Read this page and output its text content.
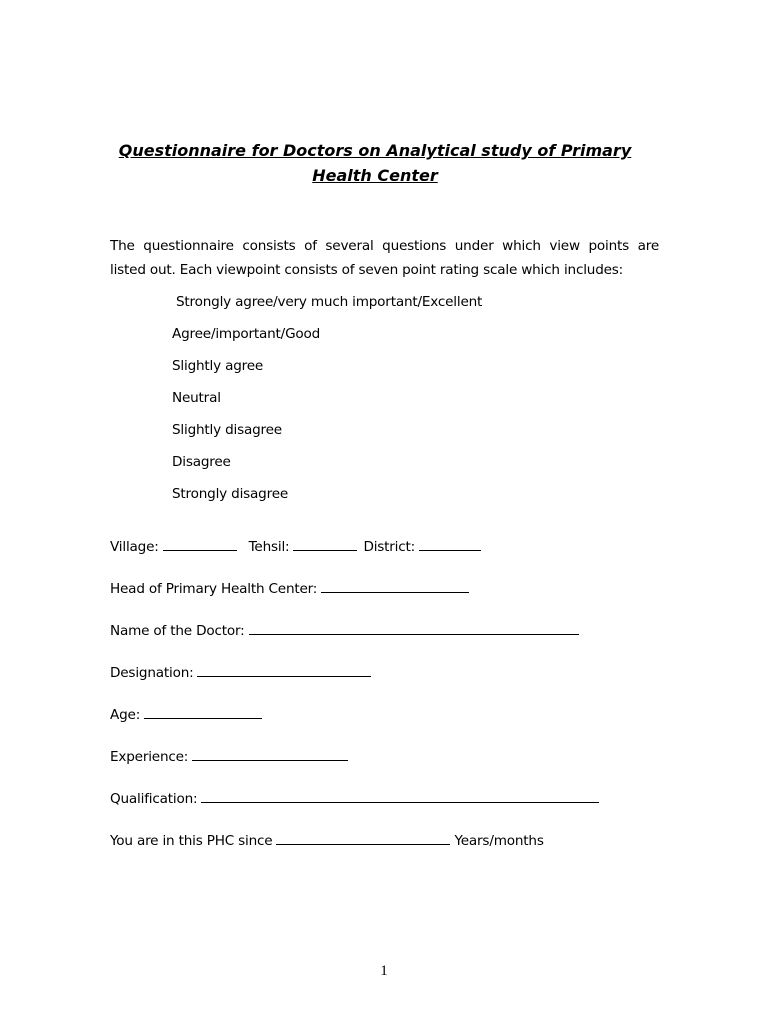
Questionnaire for Doctors on Analytical study of Primary
Health Center
The questionnaire consists of several questions under which view points are
listed out. Each viewpoint consists of seven point rating scale which includes:
Strongly agree/very much important/Excellent
Agree/important/Good
Slightly agree
Neutral
Slightly disagree
Disagree
Strongly disagree
Village:	Tehsil:	District:
Head of Primary Health Center:
Name of the Doctor:
Designation:
Age:
Experience:
Qualification:
You are in this PHC since	Years/months
1
